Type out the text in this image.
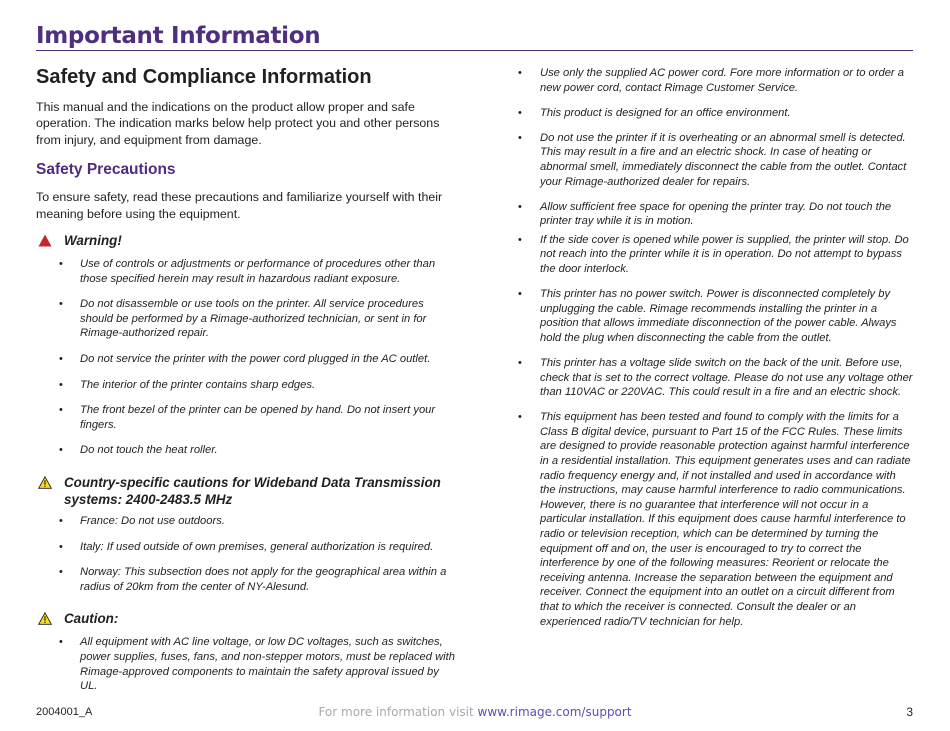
Important Information
Safety and Compliance Information

This manual and the indications on the product allow proper and safe operation. The indication marks below help protect you and other persons from injury, and equipment from damage.

Safety Precautions

To ensure safety, read these precautions and familiarize yourself with their meaning before using the equipment.

Warning!
• Use of controls or adjustments or performance of procedures other than those specified herein may result in hazardous radiant exposure.
• Do not disassemble or use tools on the printer. All service procedures should be performed by a Rimage-authorized technician, or sent in for Rimage-authorized repair.
• Do not service the printer with the power cord plugged in the AC outlet.
• The interior of the printer contains sharp edges.
• The front bezel of the printer can be opened by hand. Do not insert your fingers.
• Do not touch the heat roller.
Country-specific cautions for Wideband Data Transmission systems: 2400-2483.5 MHz
• France: Do not use outdoors.
• Italy: If used outside of own premises, general authorization is required.
• Norway: This subsection does not apply for the geographical area within a radius of 20km from the center of NY-Alesund.
Caution:
• All equipment with AC line voltage, or low DC voltages, such as switches, power supplies, fuses, fans, and non-stepper motors, must be replaced with Rimage-approved components to maintain the safety approval issued by UL.
• Use only the supplied AC power cord. Fore more information or to order a new power cord, contact Rimage Customer Service.
• This product is designed for an office environment.
• Do not use the printer if it is overheating or an abnormal smell is detected. This may result in a fire and an electric shock. In case of heating or abnormal smell, immediately disconnect the cable from the outlet. Contact your Rimage-authorized dealer for repairs.
• Allow sufficient free space for opening the printer tray. Do not touch the printer tray while it is in motion.
• If the side cover is opened while power is supplied, the printer will stop. Do not reach into the printer while it is in operation. Do not attempt to bypass the door interlock.
• This printer has no power switch. Power is disconnected completely by unplugging the cable. Rimage recommends installing the printer in a position that allows immediate disconnection of the power cable. Always hold the plug when disconnecting the cable from the outlet.
• This printer has a voltage slide switch on the back of the unit. Before use, check that is set to the correct voltage. Please do not use any voltage other than 110VAC or 220VAC. This could result in a fire and an electric shock.
• This equipment has been tested and found to comply with the limits for a Class B digital device, pursuant to Part 15 of the FCC Rules. These limits are designed to provide reasonable protection against harmful interference in a residential installation. This equipment generates uses and can radiate radio frequency energy and, if not installed and used in accordance with the instructions, may cause harmful interference to radio communications. However, there is no guarantee that interference will not occur in a particular installation. If this equipment does cause harmful interference to radio or television reception, which can be determined by turning the equipment off and on, the user is encouraged to try to correct the interference by one of the following measures: Reorient or relocate the receiving antenna. Increase the separation between the equipment and receiver. Connect the equipment into an outlet on a circuit different from that to which the receiver is connected. Consult the dealer or an experienced radio/TV technician for help.
2004001_A	For more information visit www.rimage.com/support	3
